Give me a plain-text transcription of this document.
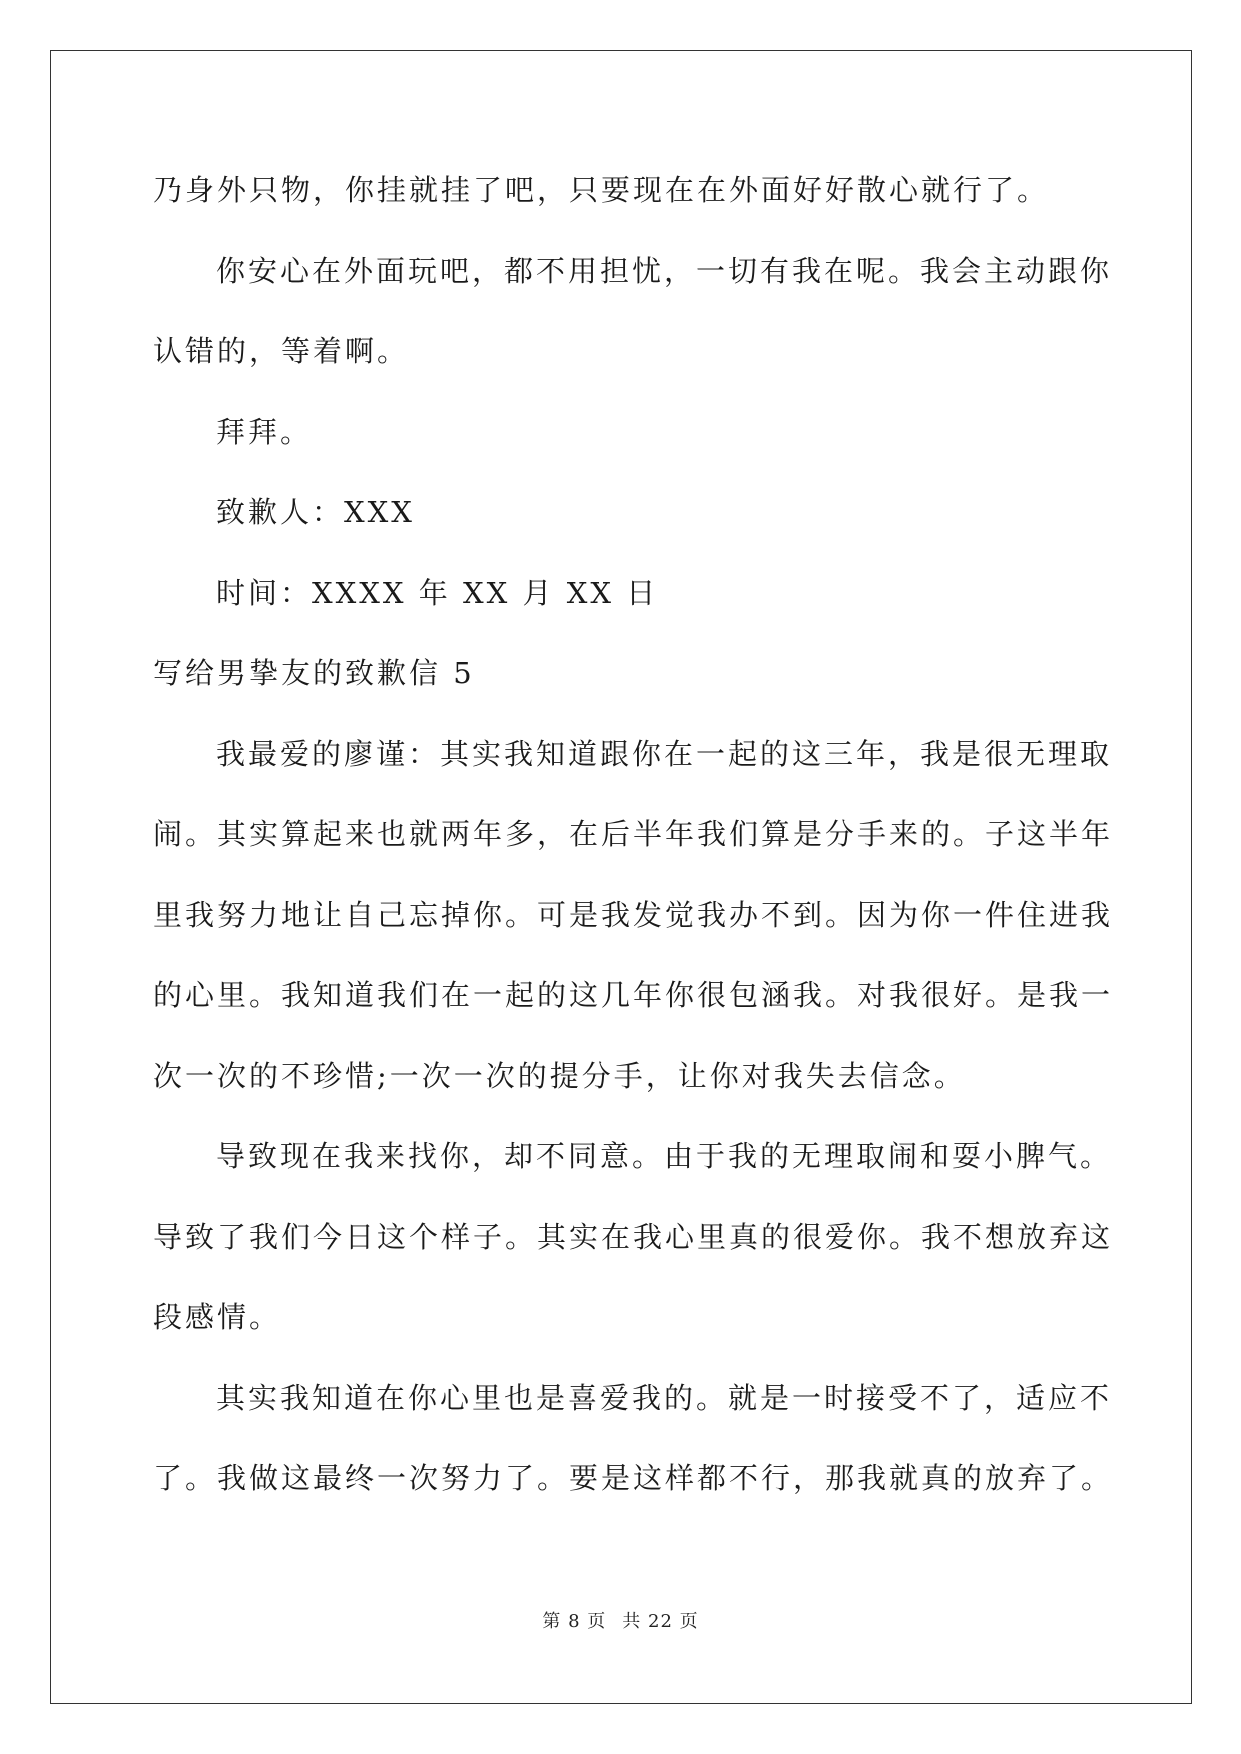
乃身外只物，你挂就挂了吧，只要现在在外面好好散心就行了。
你安心在外面玩吧，都不用担忧，一切有我在呢。我会主动跟你
认错的，等着啊。
拜拜。
致歉人：XXX
时间：XXXX 年 XX 月 XX 日
写给男挚友的致歉信 5
我最爱的廖谨：其实我知道跟你在一起的这三年，我是很无理取
闹。其实算起来也就两年多，在后半年我们算是分手来的。子这半年
里我努力地让自己忘掉你。可是我发觉我办不到。因为你一件住进我
的心里。我知道我们在一起的这几年你很包涵我。对我很好。是我一
次一次的不珍惜;一次一次的提分手，让你对我失去信念。
导致现在我来找你，却不同意。由于我的无理取闹和耍小脾气。
导致了我们今日这个样子。其实在我心里真的很爱你。我不想放弃这
段感情。
其实我知道在你心里也是喜爱我的。就是一时接受不了，适应不
了。我做这最终一次努力了。要是这样都不行，那我就真的放弃了。
第 8 页 共 22 页
